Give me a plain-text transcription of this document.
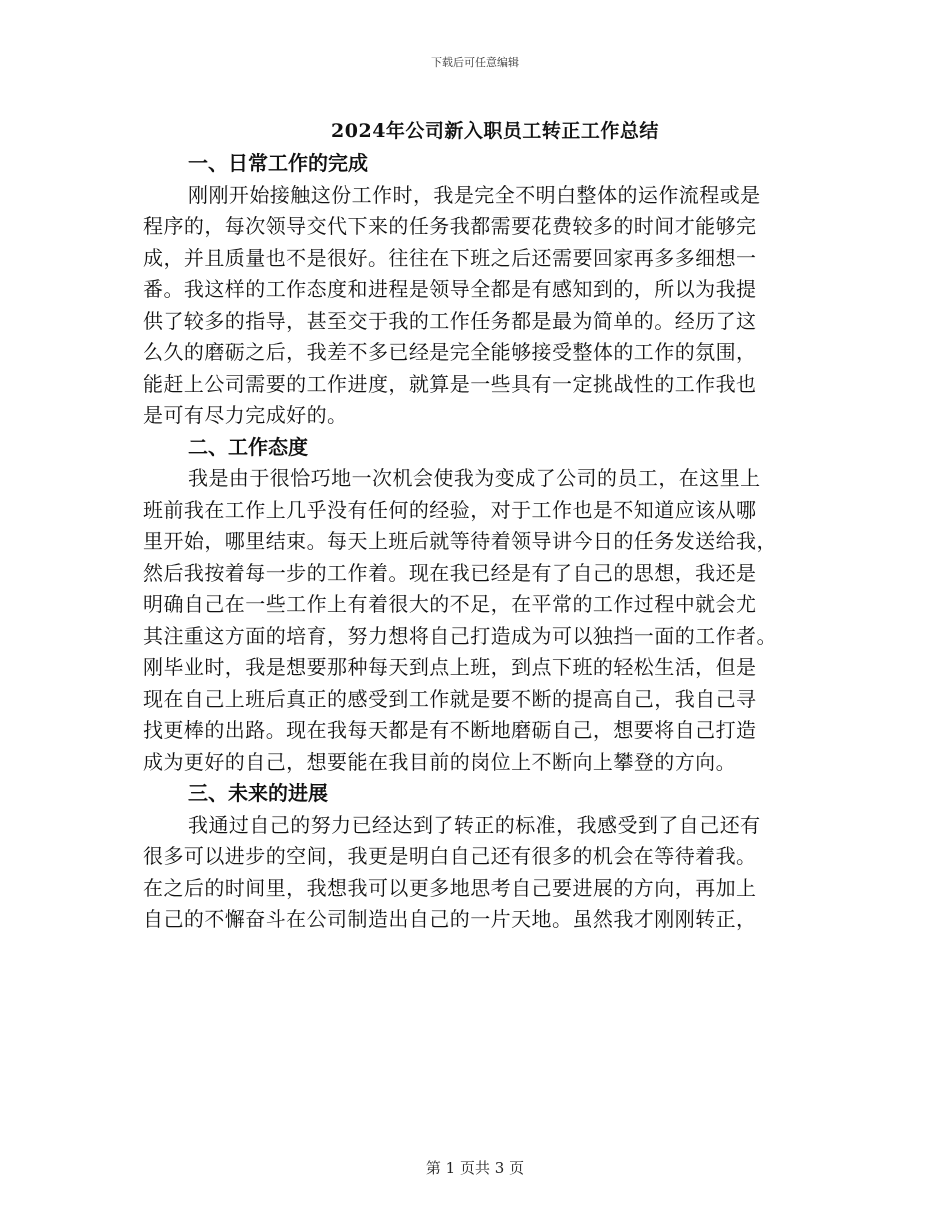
下载后可任意编辑
2024年公司新入职员工转正工作总结
一、日常工作的完成
刚刚开始接触这份工作时，我是完全不明白整体的运作流程或是
程序的，每次领导交代下来的任务我都需要花费较多的时间才能够完
成，并且质量也不是很好。往往在下班之后还需要回家再多多细想一
番。我这样的工作态度和进程是领导全都是有感知到的，所以为我提
供了较多的指导，甚至交于我的工作任务都是最为简单的。经历了这
么久的磨砺之后，我差不多已经是完全能够接受整体的工作的氛围，
能赶上公司需要的工作进度，就算是一些具有一定挑战性的工作我也
是可有尽力完成好的。
二、工作态度
我是由于很恰巧地一次机会使我为变成了公司的员工，在这里上
班前我在工作上几乎没有任何的经验，对于工作也是不知道应该从哪
里开始，哪里结束。每天上班后就等待着领导讲今日的任务发送给我，
然后我按着每一步的工作着。现在我已经是有了自己的思想，我还是
明确自己在一些工作上有着很大的不足，在平常的工作过程中就会尤
其注重这方面的培育，努力想将自己打造成为可以独挡一面的工作者。
刚毕业时，我是想要那种每天到点上班，到点下班的轻松生活，但是
现在自己上班后真正的感受到工作就是要不断的提高自己，我自己寻
找更棒的出路。现在我每天都是有不断地磨砺自己，想要将自己打造
成为更好的自己，想要能在我目前的岗位上不断向上攀登的方向。
三、未来的进展
我通过自己的努力已经达到了转正的标准，我感受到了自己还有
很多可以进步的空间，我更是明白自己还有很多的机会在等待着我。
在之后的时间里，我想我可以更多地思考自己要进展的方向，再加上
自己的不懈奋斗在公司制造出自己的一片天地。虽然我才刚刚转正，
第 1 页共 3 页
